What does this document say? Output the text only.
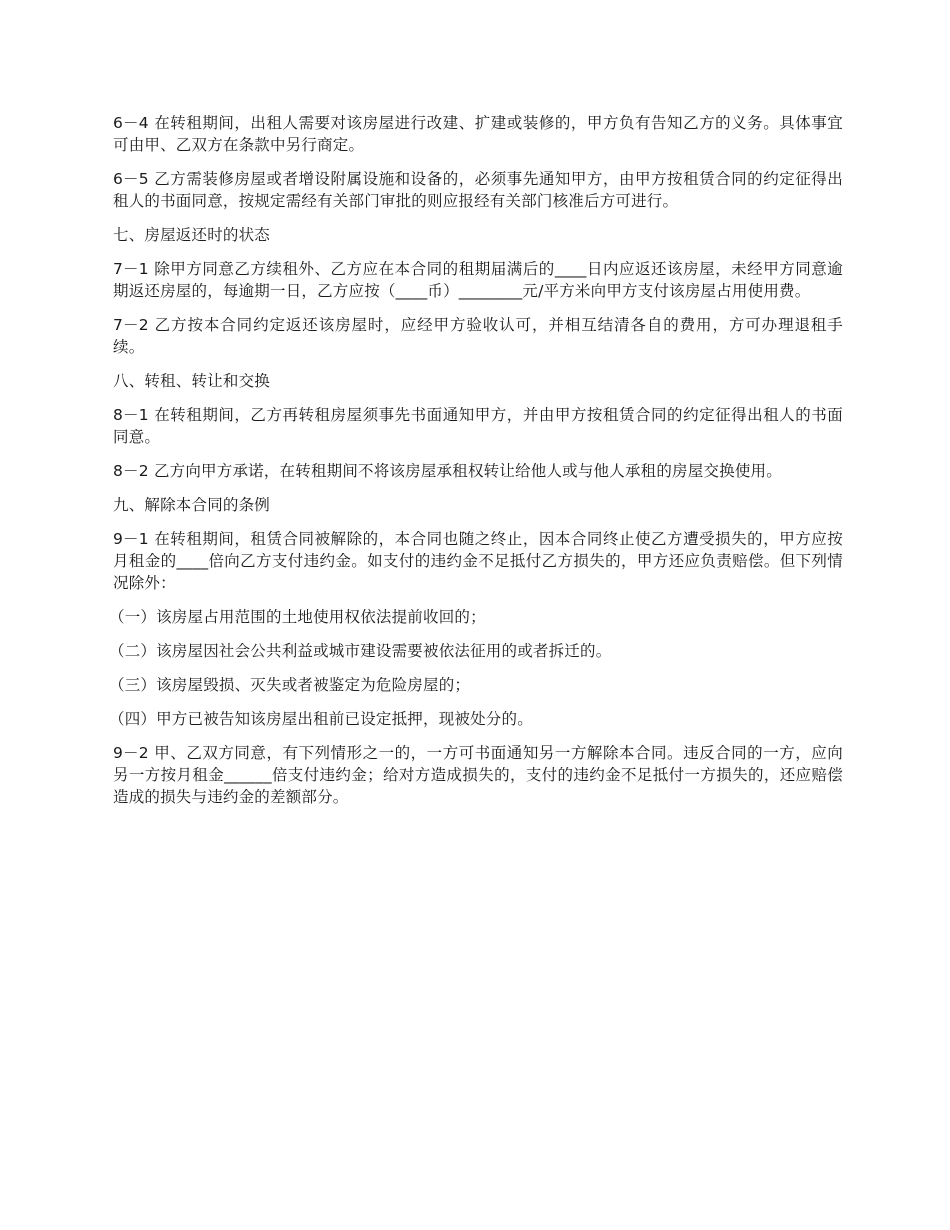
6－4 在转租期间，出租人需要对该房屋进行改建、扩建或装修的，甲方负有告知乙方的义务。具体事宜可由甲、乙双方在条款中另行商定。

6－5 乙方需装修房屋或者增设附属设施和设备的，必须事先通知甲方，由甲方按租赁合同的约定征得出租人的书面同意，按规定需经有关部门审批的则应报经有关部门核准后方可进行。

七、房屋返还时的状态

7－1 除甲方同意乙方续租外、乙方应在本合同的租期届满后的____日内应返还该房屋，未经甲方同意逾期返还房屋的，每逾期一日，乙方应按（____币）________元/平方米向甲方支付该房屋占用使用费。

7－2 乙方按本合同约定返还该房屋时，应经甲方验收认可，并相互结清各自的费用，方可办理退租手续。

八、转租、转让和交换

8－1 在转租期间，乙方再转租房屋须事先书面通知甲方，并由甲方按租赁合同的约定征得出租人的书面同意。

8－2 乙方向甲方承诺，在转租期间不将该房屋承租权转让给他人或与他人承租的房屋交换使用。

九、解除本合同的条例

9－1 在转租期间，租赁合同被解除的，本合同也随之终止，因本合同终止使乙方遭受损失的，甲方应按月租金的____倍向乙方支付违约金。如支付的违约金不足抵付乙方损失的，甲方还应负责赔偿。但下列情况除外：

（一）该房屋占用范围的土地使用权依法提前收回的；

（二）该房屋因社会公共利益或城市建设需要被依法征用的或者拆迁的。

（三）该房屋毁损、灭失或者被鉴定为危险房屋的；

（四）甲方已被告知该房屋出租前已设定抵押，现被处分的。

9－2 甲、乙双方同意，有下列情形之一的，一方可书面通知另一方解除本合同。违反合同的一方，应向另一方按月租金______倍支付违约金；给对方造成损失的，支付的违约金不足抵付一方损失的，还应赔偿造成的损失与违约金的差额部分。
